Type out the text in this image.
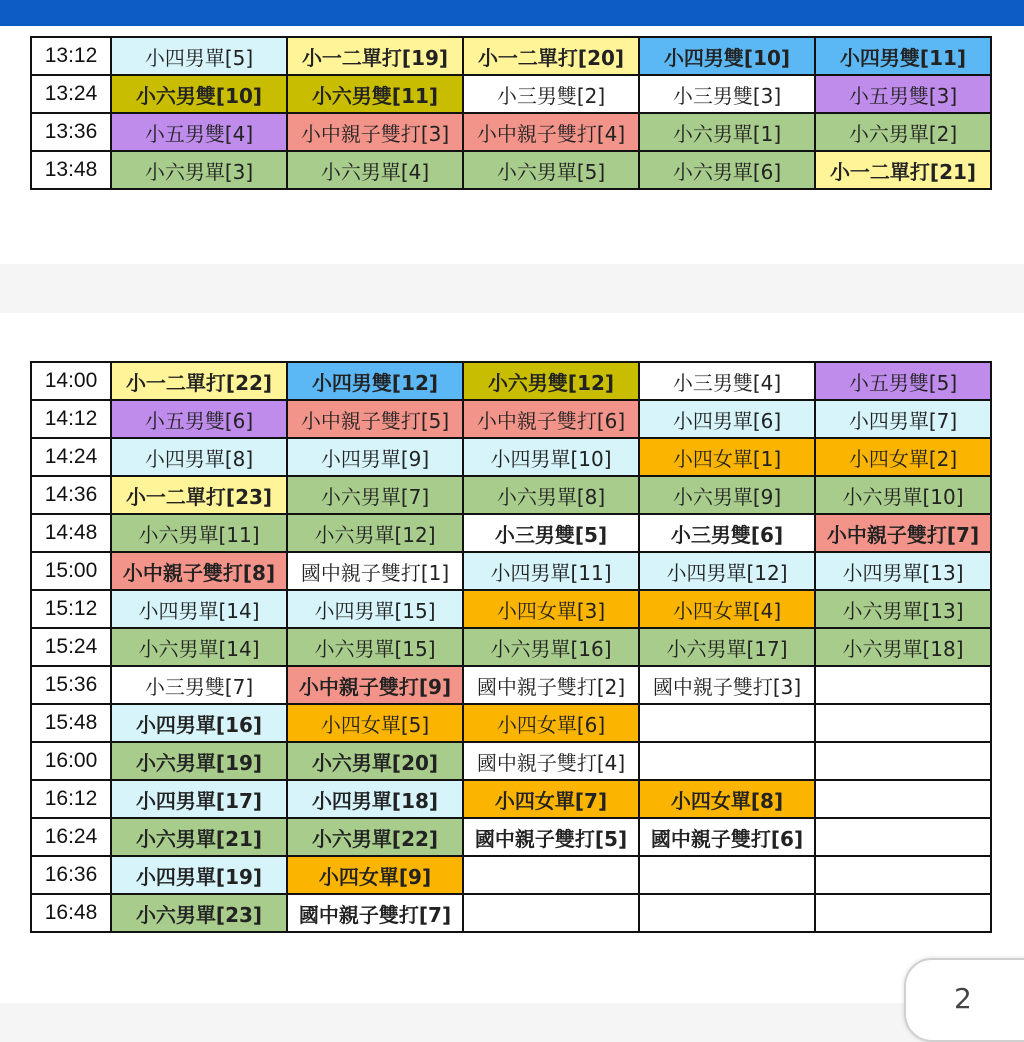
13:12	小四男單[5]	小一二單打[19]	小一二單打[20]	小四男雙[10]	小四男雙[11]
13:24	小六男雙[10]	小六男雙[11]	小三男雙[2]	小三男雙[3]	小五男雙[3]
13:36	小五男雙[4]	小中親子雙打[3]	小中親子雙打[4]	小六男單[1]	小六男單[2]
13:48	小六男單[3]	小六男單[4]	小六男單[5]	小六男單[6]	小一二單打[21]
14:00	小一二單打[22]	小四男雙[12]	小六男雙[12]	小三男雙[4]	小五男雙[5]
14:12	小五男雙[6]	小中親子雙打[5]	小中親子雙打[6]	小四男單[6]	小四男單[7]
14:24	小四男單[8]	小四男單[9]	小四男單[10]	小四女單[1]	小四女單[2]
14:36	小一二單打[23]	小六男單[7]	小六男單[8]	小六男單[9]	小六男單[10]
14:48	小六男單[11]	小六男單[12]	小三男雙[5]	小三男雙[6]	小中親子雙打[7]
15:00	小中親子雙打[8]	國中親子雙打[1]	小四男單[11]	小四男單[12]	小四男單[13]
15:12	小四男單[14]	小四男單[15]	小四女單[3]	小四女單[4]	小六男單[13]
15:24	小六男單[14]	小六男單[15]	小六男單[16]	小六男單[17]	小六男單[18]
15:36	小三男雙[7]	小中親子雙打[9]	國中親子雙打[2]	國中親子雙打[3]	
15:48	小四男單[16]	小四女單[5]	小四女單[6]		
16:00	小六男單[19]	小六男單[20]	國中親子雙打[4]		
16:12	小四男單[17]	小四男單[18]	小四女單[7]	小四女單[8]	
16:24	小六男單[21]	小六男單[22]	國中親子雙打[5]	國中親子雙打[6]	
16:36	小四男單[19]	小四女單[9]			
16:48	小六男單[23]	國中親子雙打[7]			
2
